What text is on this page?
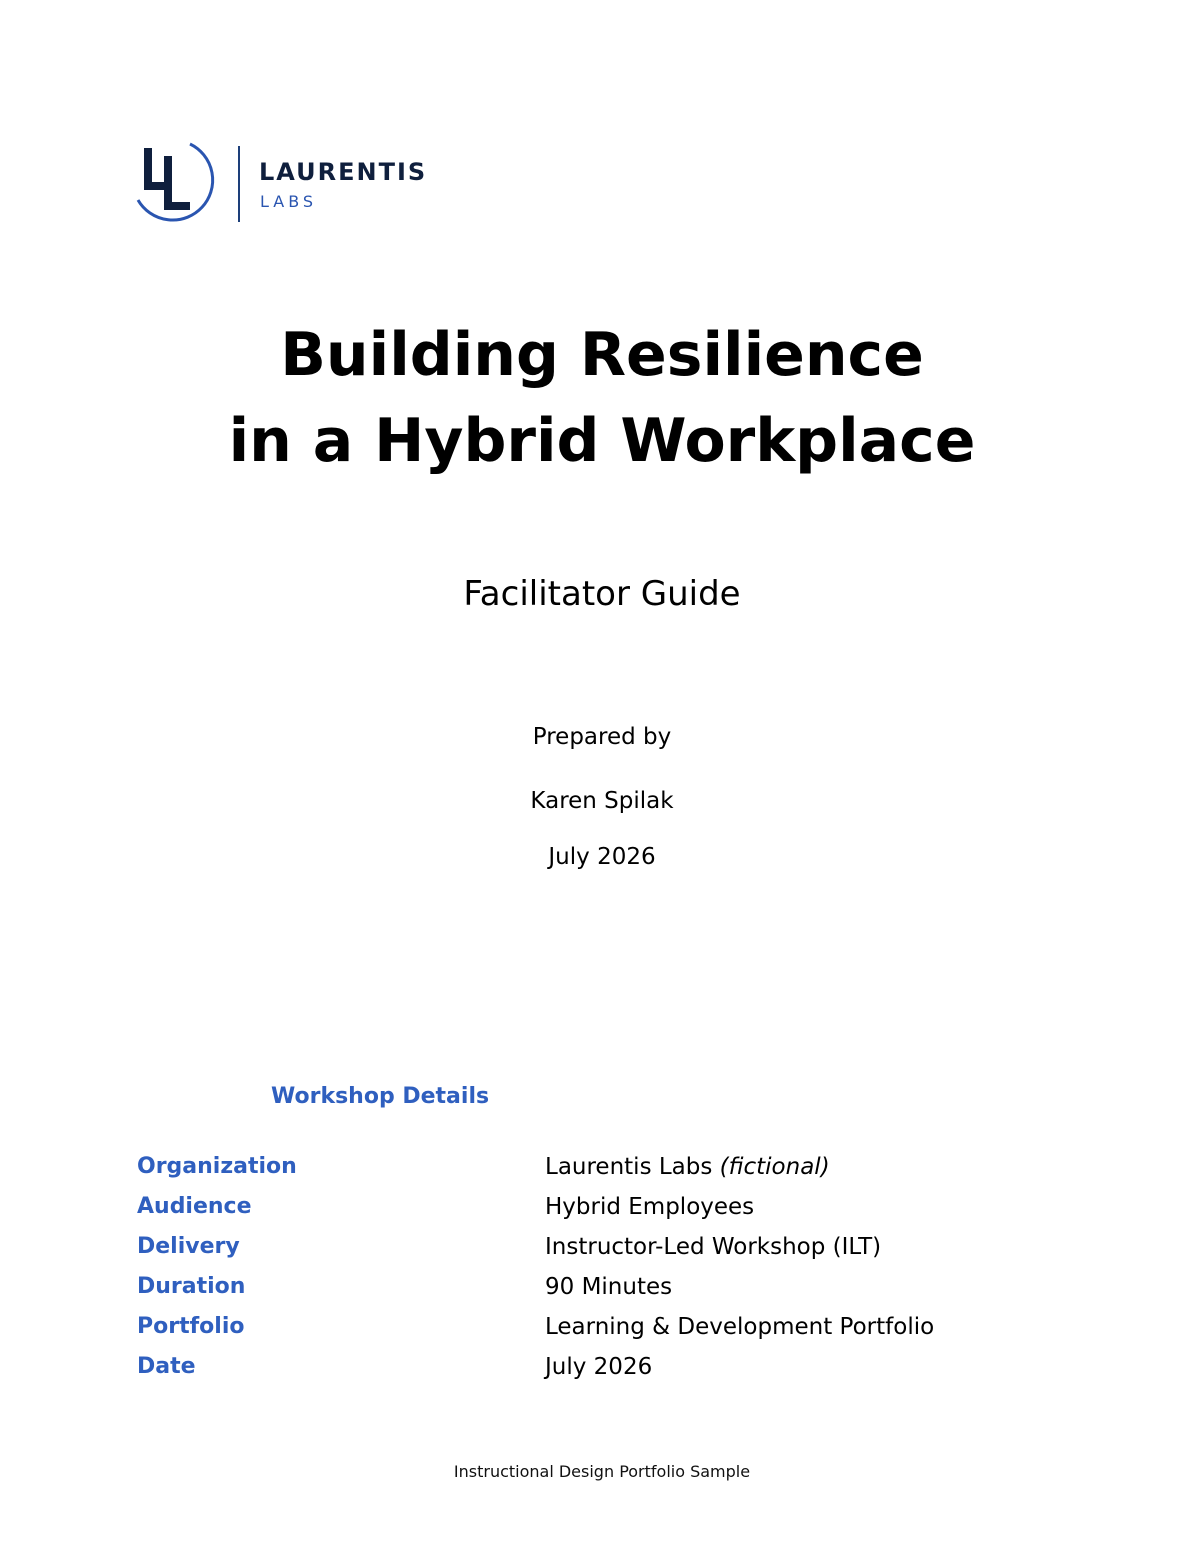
LAURENTIS
LABS
Building Resilience
in a Hybrid Workplace
Facilitator Guide
Prepared by
Karen Spilak
July 2026
Workshop Details
Organization	Laurentis Labs (fictional)
Audience	Hybrid Employees
Delivery	Instructor-Led Workshop (ILT)
Duration	90 Minutes
Portfolio	Learning & Development Portfolio
Date	July 2026
Instructional Design Portfolio Sample
